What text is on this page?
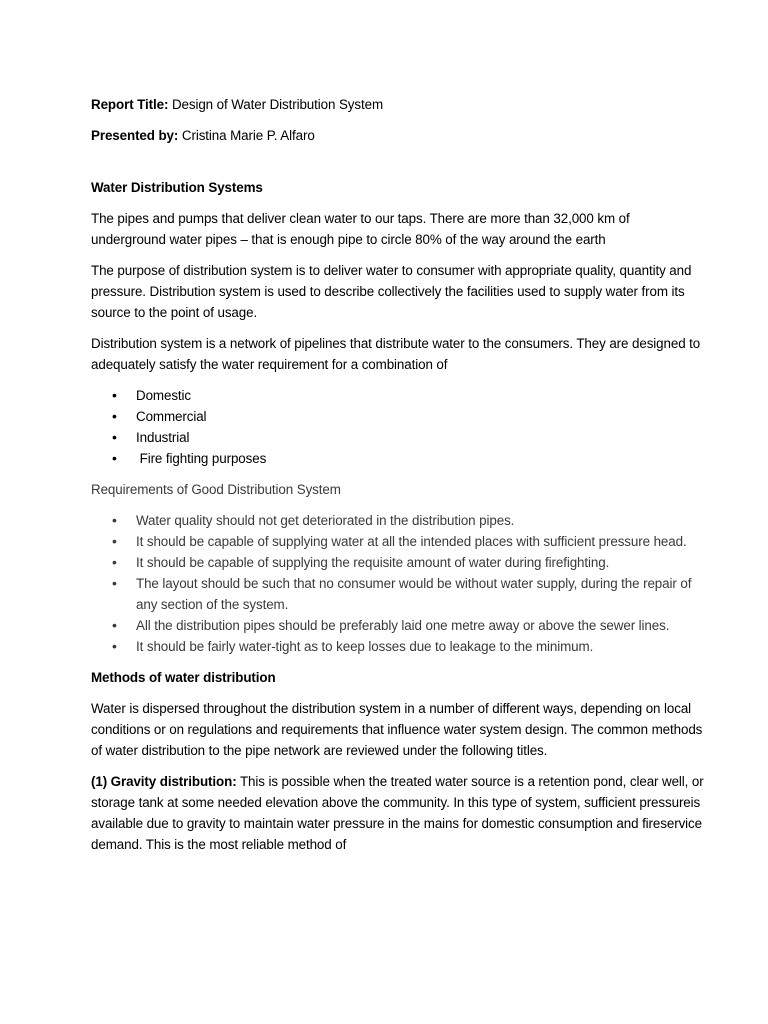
Report Title: Design of Water Distribution System

Presented by: Cristina Marie P. Alfaro

Water Distribution Systems

The pipes and pumps that deliver clean water to our taps. There are more than 32,000 km of underground water pipes – that is enough pipe to circle 80% of the way around the earth

The purpose of distribution system is to deliver water to consumer with appropriate quality, quantity and pressure. Distribution system is used to describe collectively the facilities used to supply water from its source to the point of usage.

Distribution system is a network of pipelines that distribute water to the consumers. They are designed to adequately satisfy the water requirement for a combination of

• Domestic
• Commercial
• Industrial
•  Fire fighting purposes

Requirements of Good Distribution System

• Water quality should not get deteriorated in the distribution pipes.
• It should be capable of supplying water at all the intended places with sufficient pressure head.
• It should be capable of supplying the requisite amount of water during firefighting.
• The layout should be such that no consumer would be without water supply, during the repair of any section of the system.
• All the distribution pipes should be preferably laid one metre away or above the sewer lines.
• It should be fairly water-tight as to keep losses due to leakage to the minimum.

Methods of water distribution

Water is dispersed throughout the distribution system in a number of different ways, depending on local conditions or on regulations and requirements that influence water system design. The common methods of water distribution to the pipe network are reviewed under the following titles.

(1) Gravity distribution: This is possible when the treated water source is a retention pond, clear well, or storage tank at some needed elevation above the community. In this type of system, sufficient pressureis available due to gravity to maintain water pressure in the mains for domestic consumption and fireservice demand. This is the most reliable method of
